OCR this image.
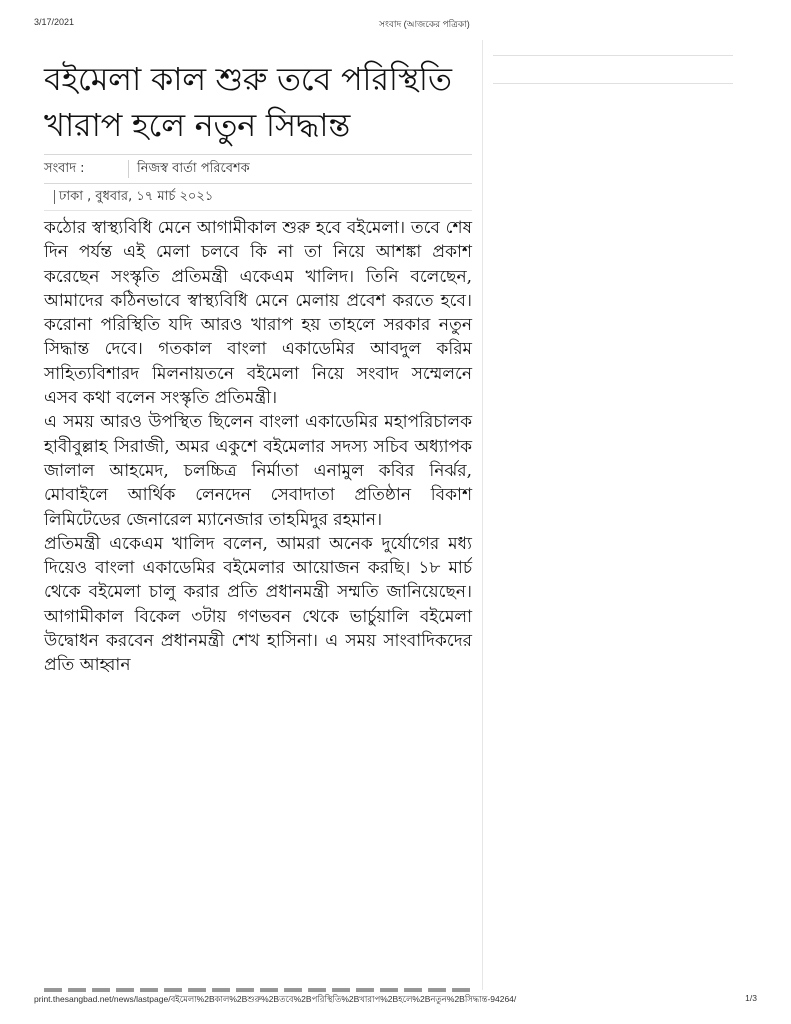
3/17/2021	সংবাদ (আজকের পত্রিকা)
বইমেলা কাল শুরু তবে পরিস্থিতি খারাপ হলে নতুন সিদ্ধান্ত
সংবাদ :	নিজস্ব বার্তা পরিবেশক
ঢাকা , বুধবার, ১৭ মার্চ ২০২১

কঠোর স্বাস্থ্যবিধি মেনে আগামীকাল শুরু হবে বইমেলা। তবে শেষ দিন পর্যন্ত এই মেলা চলবে কি না তা নিয়ে আশঙ্কা প্রকাশ করেছেন সংস্কৃতি প্রতিমন্ত্রী একেএম খালিদ। তিনি বলেছেন, আমাদের কঠিনভাবে স্বাস্থ্যবিধি মেনে মেলায় প্রবেশ করতে হবে। করোনা পরিস্থিতি যদি আরও খারাপ হয় তাহলে সরকার নতুন সিদ্ধান্ত দেবে। গতকাল বাংলা একাডেমির আবদুল করিম সাহিত্যবিশারদ মিলনায়তনে বইমেলা নিয়ে সংবাদ সম্মেলনে এসব কথা বলেন সংস্কৃতি প্রতিমন্ত্রী।

এ সময় আরও উপস্থিত ছিলেন বাংলা একাডেমির মহাপরিচালক হাবীবুল্লাহ সিরাজী, অমর একুশে বইমেলার সদস্য সচিব অধ্যাপক জালাল আহমেদ, চলচ্চিত্র নির্মাতা এনামুল কবির নির্ঝর, মোবাইলে আর্থিক লেনদেন সেবাদাতা প্রতিষ্ঠান বিকাশ লিমিটেডের জেনারেল ম্যানেজার তাহমিদুর রহমান।

প্রতিমন্ত্রী একেএম খালিদ বলেন, আমরা অনেক দুর্যোগের মধ্য দিয়েও বাংলা একাডেমির বইমেলার আয়োজন করছি। ১৮ মার্চ থেকে বইমেলা চালু করার প্রতি প্রধানমন্ত্রী সম্মতি জানিয়েছেন। আগামীকাল বিকেল ৩টায় গণভবন থেকে ভার্চুয়ালি বইমেলা উদ্বোধন করবেন প্রধানমন্ত্রী শেখ হাসিনা। এ সময় সাংবাদিকদের প্রতি আহ্বান

print.thesangbad.net/news/lastpage/বইমেলা%2Bকাল%2Bশুরু%2Bতবে%2Bপরিস্থিতি%2Bখারাপ%2Bহলে%2Bনতুন%2Bসিদ্ধান্ত-94264/	1/3
